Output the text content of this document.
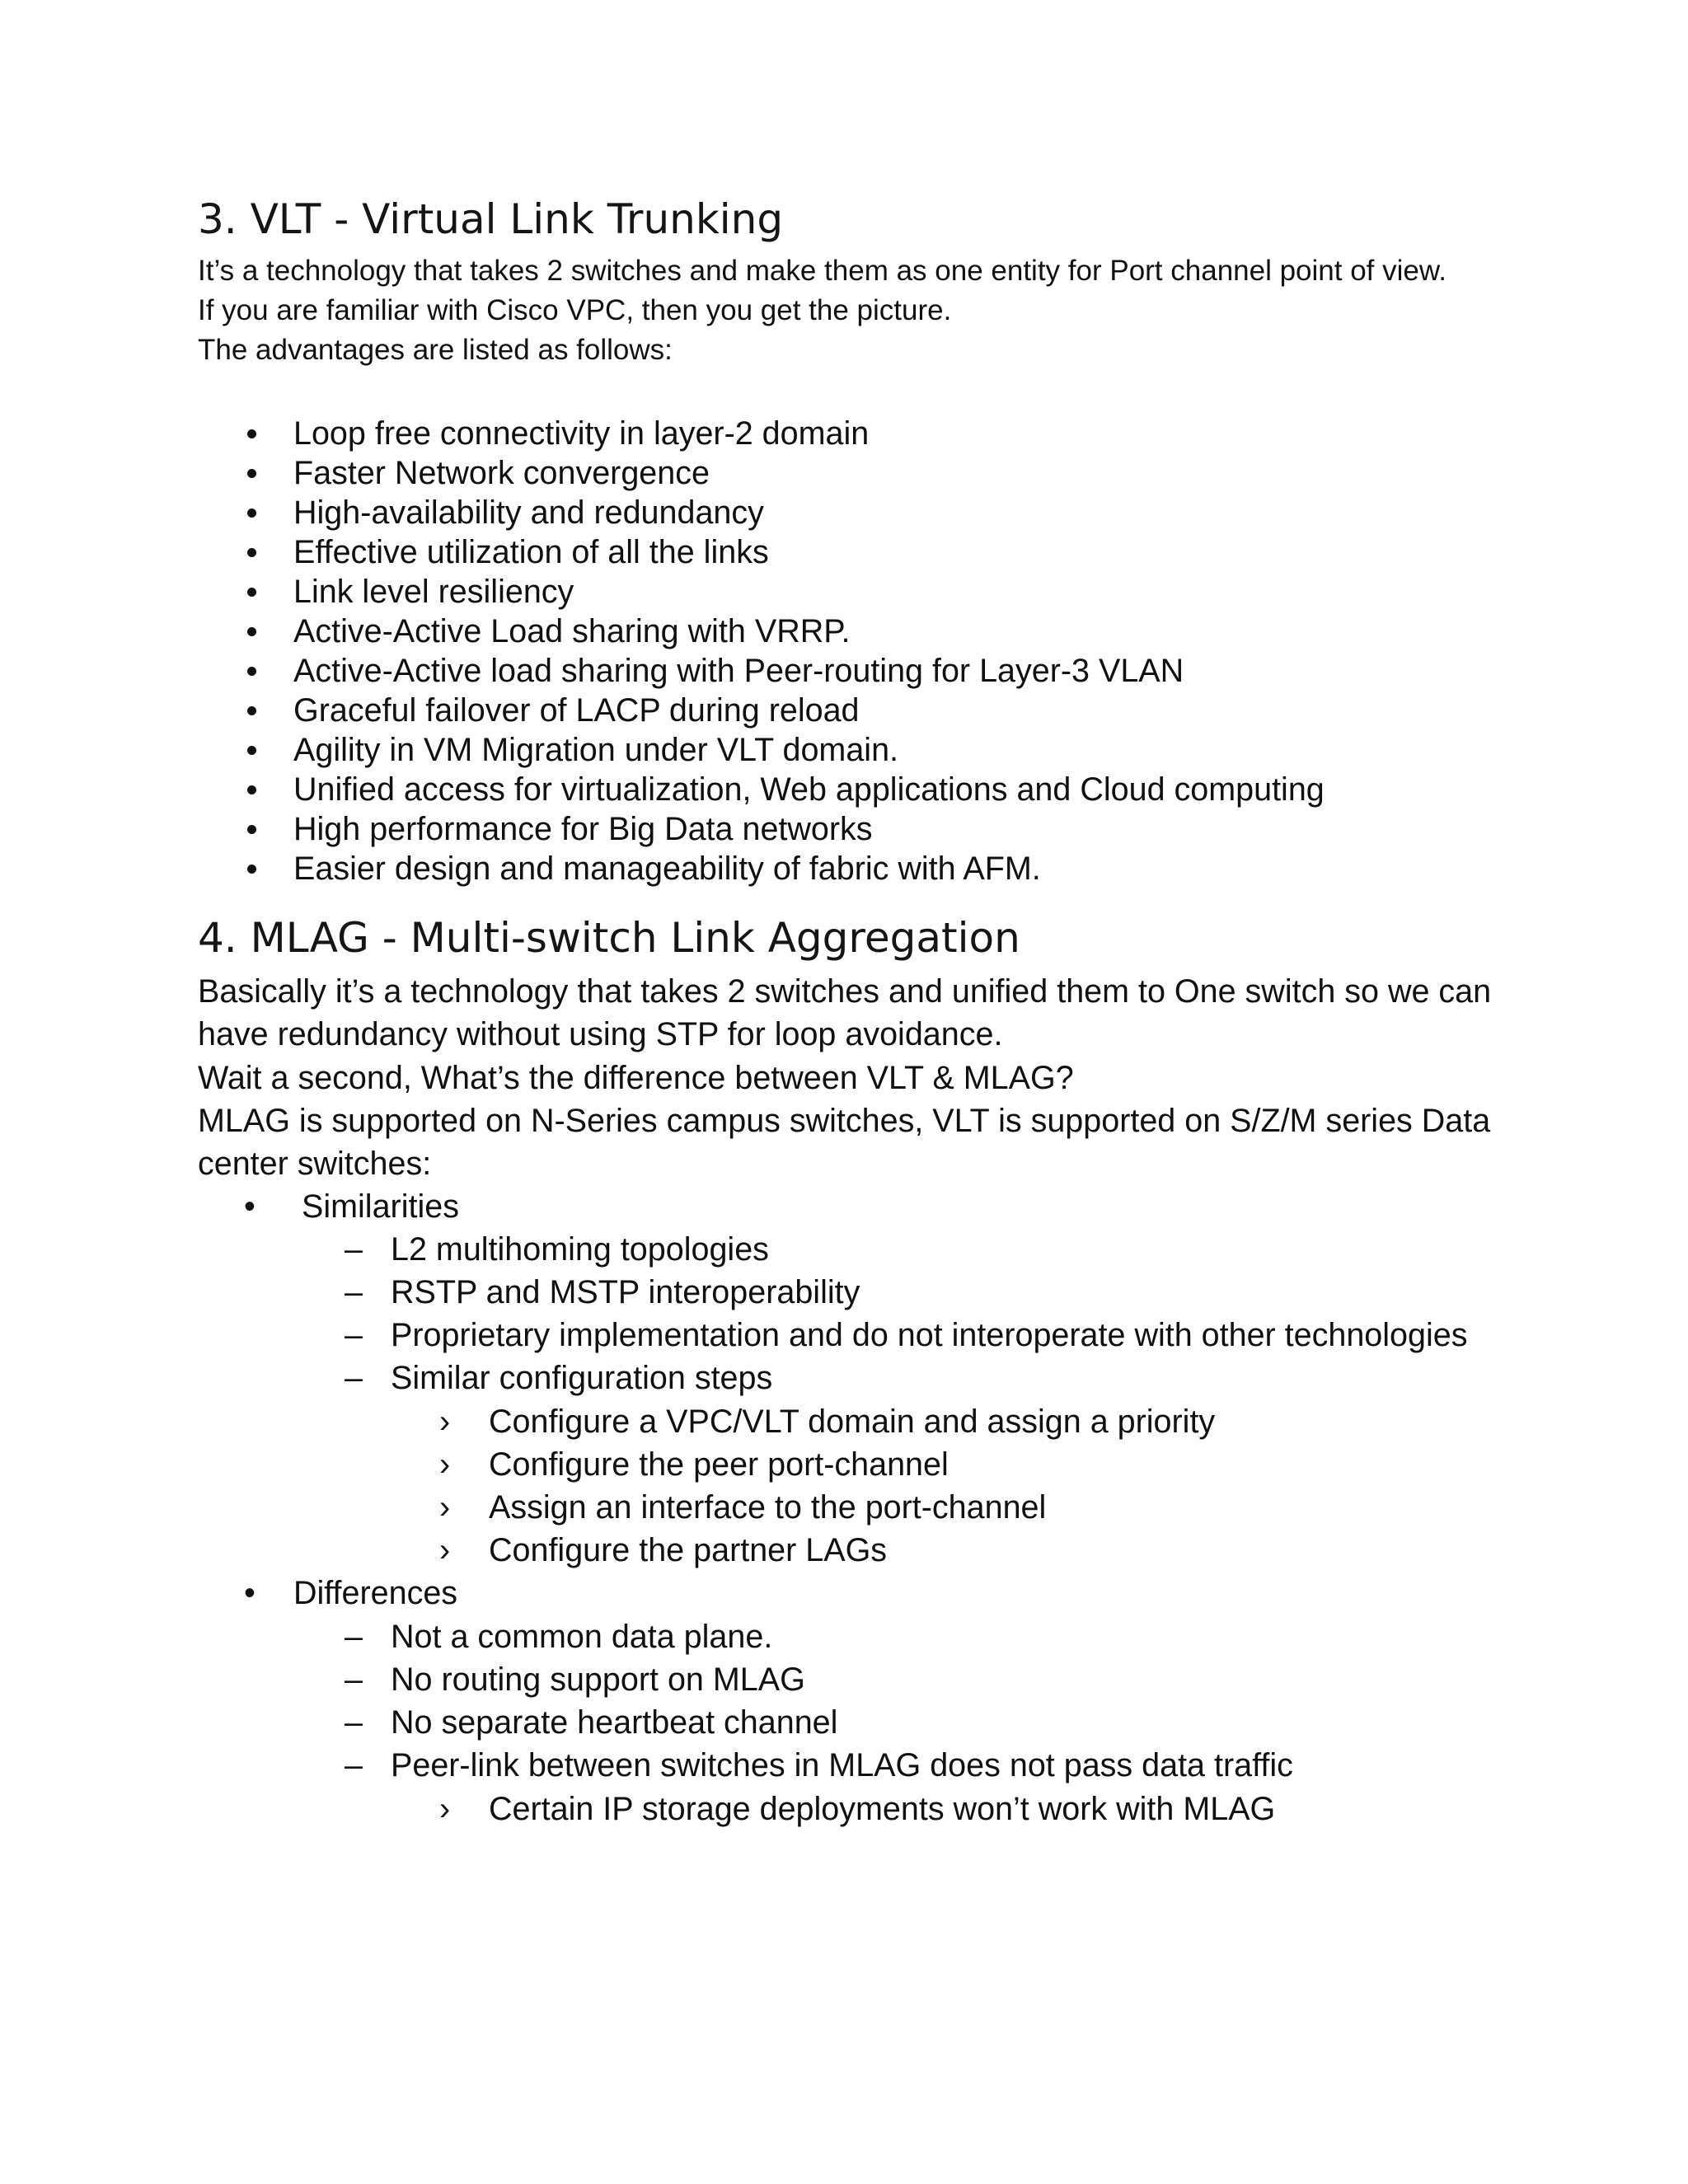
3. VLT - Virtual Link Trunking
It’s a technology that takes 2 switches and make them as one entity for Port channel point of view.
If you are familiar with Cisco VPC, then you get the picture.
The advantages are listed as follows:
Loop free connectivity in layer-2 domain
Faster Network convergence
High-availability and redundancy
Effective utilization of all the links
Link level resiliency
Active-Active Load sharing with VRRP.
Active-Active load sharing with Peer-routing for Layer-3 VLAN
Graceful failover of LACP during reload
Agility in VM Migration under VLT domain.
Unified access for virtualization, Web applications and Cloud computing
High performance for Big Data networks
Easier design and manageability of fabric with AFM.
4. MLAG - Multi-switch Link Aggregation
Basically it’s a technology that takes 2 switches and unified them to One switch so we can
have redundancy without using STP for loop avoidance.
Wait a second, What’s the difference between VLT & MLAG?
MLAG is supported on N-Series campus switches, VLT is supported on S/Z/M series Data
center switches:
• Similarities
– L2 multihoming topologies
– RSTP and MSTP interoperability
– Proprietary implementation and do not interoperate with other technologies
– Similar configuration steps
› Configure a VPC/VLT domain and assign a priority
› Configure the peer port-channel
› Assign an interface to the port-channel
› Configure the partner LAGs
• Differences
– Not a common data plane.
– No routing support on MLAG
– No separate heartbeat channel
– Peer-link between switches in MLAG does not pass data traffic
› Certain IP storage deployments won’t work with MLAG
